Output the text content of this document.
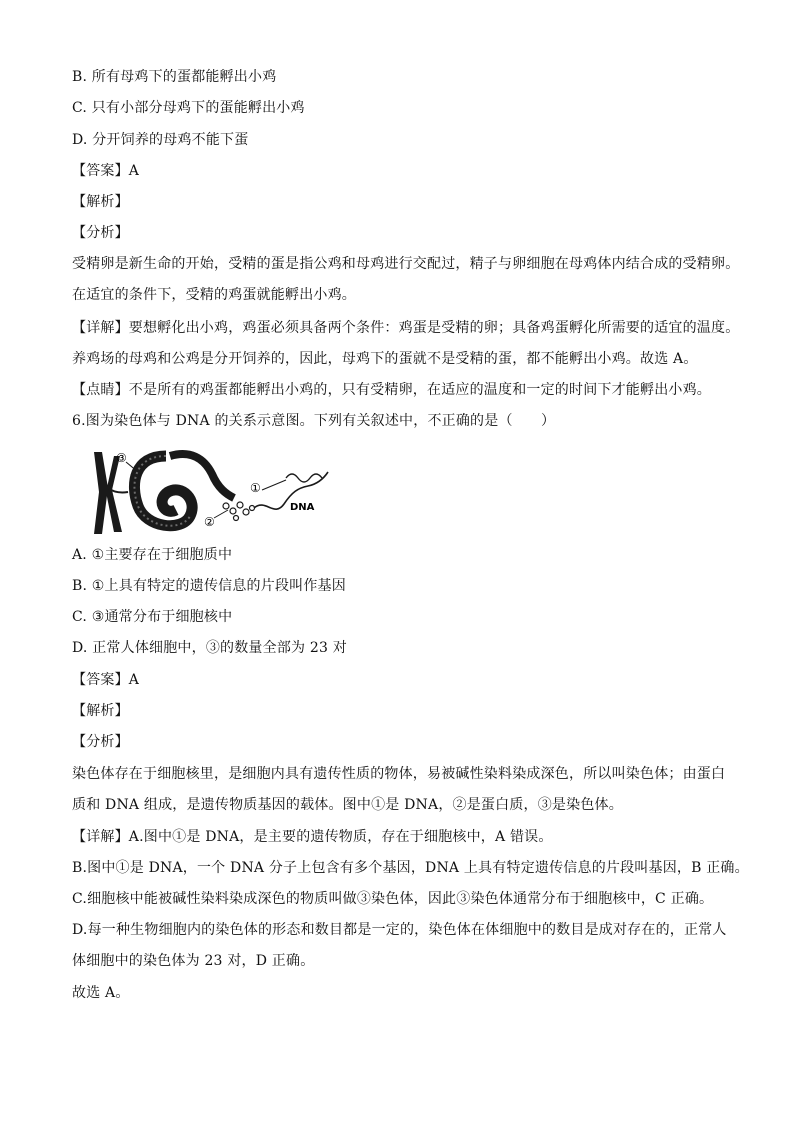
B. 所有母鸡下的蛋都能孵出小鸡
C. 只有小部分母鸡下的蛋能孵出小鸡
D. 分开饲养的母鸡不能下蛋
【答案】A
【解析】
【分析】
受精卵是新生命的开始，受精的蛋是指公鸡和母鸡进行交配过，精子与卵细胞在母鸡体内结合成的受精卵。
在适宜的条件下，受精的鸡蛋就能孵出小鸡。
【详解】要想孵化出小鸡，鸡蛋必须具备两个条件：鸡蛋是受精的卵；具备鸡蛋孵化所需要的适宜的温度。
养鸡场的母鸡和公鸡是分开饲养的，因此，母鸡下的蛋就不是受精的蛋，都不能孵出小鸡。故选 A。
【点睛】不是所有的鸡蛋都能孵出小鸡的，只有受精卵，在适应的温度和一定的时间下才能孵出小鸡。
6.图为染色体与 DNA 的关系示意图。下列有关叙述中，不正确的是（　　）
③
②
①
DNA
A. ①主要存在于细胞质中
B. ①上具有特定的遗传信息的片段叫作基因
C. ③通常分布于细胞核中
D. 正常人体细胞中，③的数量全部为 23 对
【答案】A
【解析】
【分析】
染色体存在于细胞核里，是细胞内具有遗传性质的物体，易被碱性染料染成深色，所以叫染色体；由蛋白
质和 DNA 组成，是遗传物质基因的载体。图中①是 DNA，②是蛋白质，③是染色体。
【详解】A.图中①是 DNA，是主要的遗传物质，存在于细胞核中，A 错误。
B.图中①是 DNA，一个 DNA 分子上包含有多个基因，DNA 上具有特定遗传信息的片段叫基因，B 正确。
C.细胞核中能被碱性染料染成深色的物质叫做③染色体，因此③染色体通常分布于细胞核中，C 正确。
D.每一种生物细胞内的染色体的形态和数目都是一定的，染色体在体细胞中的数目是成对存在的，正常人
体细胞中的染色体为 23 对，D 正确。
故选 A。
